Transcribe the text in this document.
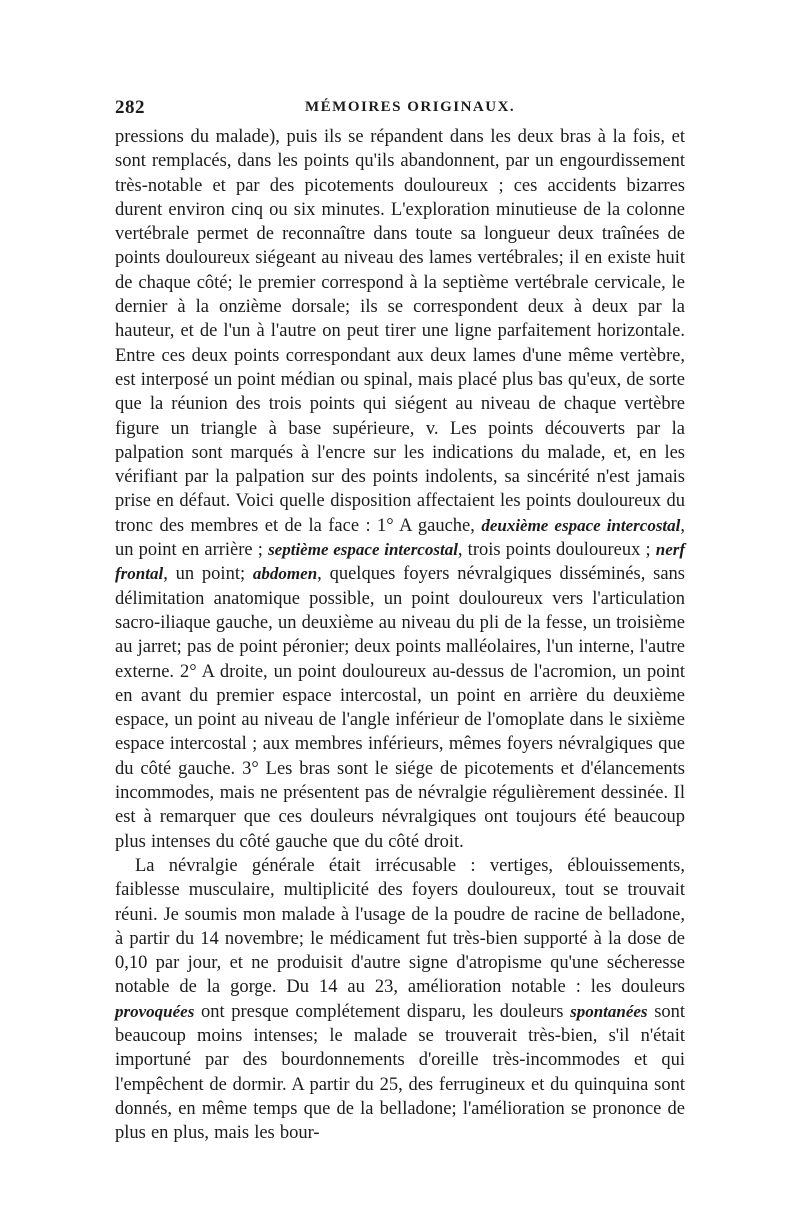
282	MÉMOIRES ORIGINAUX.

pressions du malade), puis ils se répandent dans les deux bras à la fois, et sont remplacés, dans les points qu'ils abandonnent, par un engourdissement très-notable et par des picotements douloureux ; ces accidents bizarres durent environ cinq ou six minutes. L'exploration minutieuse de la colonne vertébrale permet de reconnaître dans toute sa longueur deux traînées de points douloureux siégeant au niveau des lames vertébrales; il en existe huit de chaque côté; le premier correspond à la septième vertébrale cervicale, le dernier à la onzième dorsale; ils se correspondent deux à deux par la hauteur, et de l'un à l'autre on peut tirer une ligne parfaitement horizontale. Entre ces deux points correspondant aux deux lames d'une même vertèbre, est interposé un point médian ou spinal, mais placé plus bas qu'eux, de sorte que la réunion des trois points qui siégent au niveau de chaque vertèbre figure un triangle à base supérieure, v. Les points découverts par la palpation sont marqués à l'encre sur les indications du malade, et, en les vérifiant par la palpation sur des points indolents, sa sincérité n'est jamais prise en défaut. Voici quelle disposition affectaient les points douloureux du tronc des membres et de la face : 1° A gauche, deuxième espace intercostal, un point en arrière ; septième espace intercostal, trois points douloureux ; nerf frontal, un point; abdomen, quelques foyers névralgiques disséminés, sans délimitation anatomique possible, un point douloureux vers l'articulation sacro-iliaque gauche, un deuxième au niveau du pli de la fesse, un troisième au jarret; pas de point péronier; deux points malléolaires, l'un interne, l'autre externe. 2° A droite, un point douloureux au-dessus de l'acromion, un point en avant du premier espace intercostal, un point en arrière du deuxième espace, un point au niveau de l'angle inférieur de l'omoplate dans le sixième espace intercostal ; aux membres inférieurs, mêmes foyers névralgiques que du côté gauche. 3° Les bras sont le siége de picotements et d'élancements incommodes, mais ne présentent pas de névralgie régulièrement dessinée. Il est à remarquer que ces douleurs névralgiques ont toujours été beaucoup plus intenses du côté gauche que du côté droit.

La névralgie générale était irrécusable : vertiges, éblouissements, faiblesse musculaire, multiplicité des foyers douloureux, tout se trouvait réuni. Je soumis mon malade à l'usage de la poudre de racine de belladone, à partir du 14 novembre; le médicament fut très-bien supporté à la dose de 0,10 par jour, et ne produisit d'autre signe d'atropisme qu'une sécheresse notable de la gorge. Du 14 au 23, amélioration notable : les douleurs provoquées ont presque complétement disparu, les douleurs spontanées sont beaucoup moins intenses; le malade se trouverait très-bien, s'il n'était importuné par des bourdonnements d'oreille très-incommodes et qui l'empêchent de dormir. A partir du 25, des ferrugineux et du quinquina sont donnés, en même temps que de la belladone; l'amélioration se prononce de plus en plus, mais les bour-
